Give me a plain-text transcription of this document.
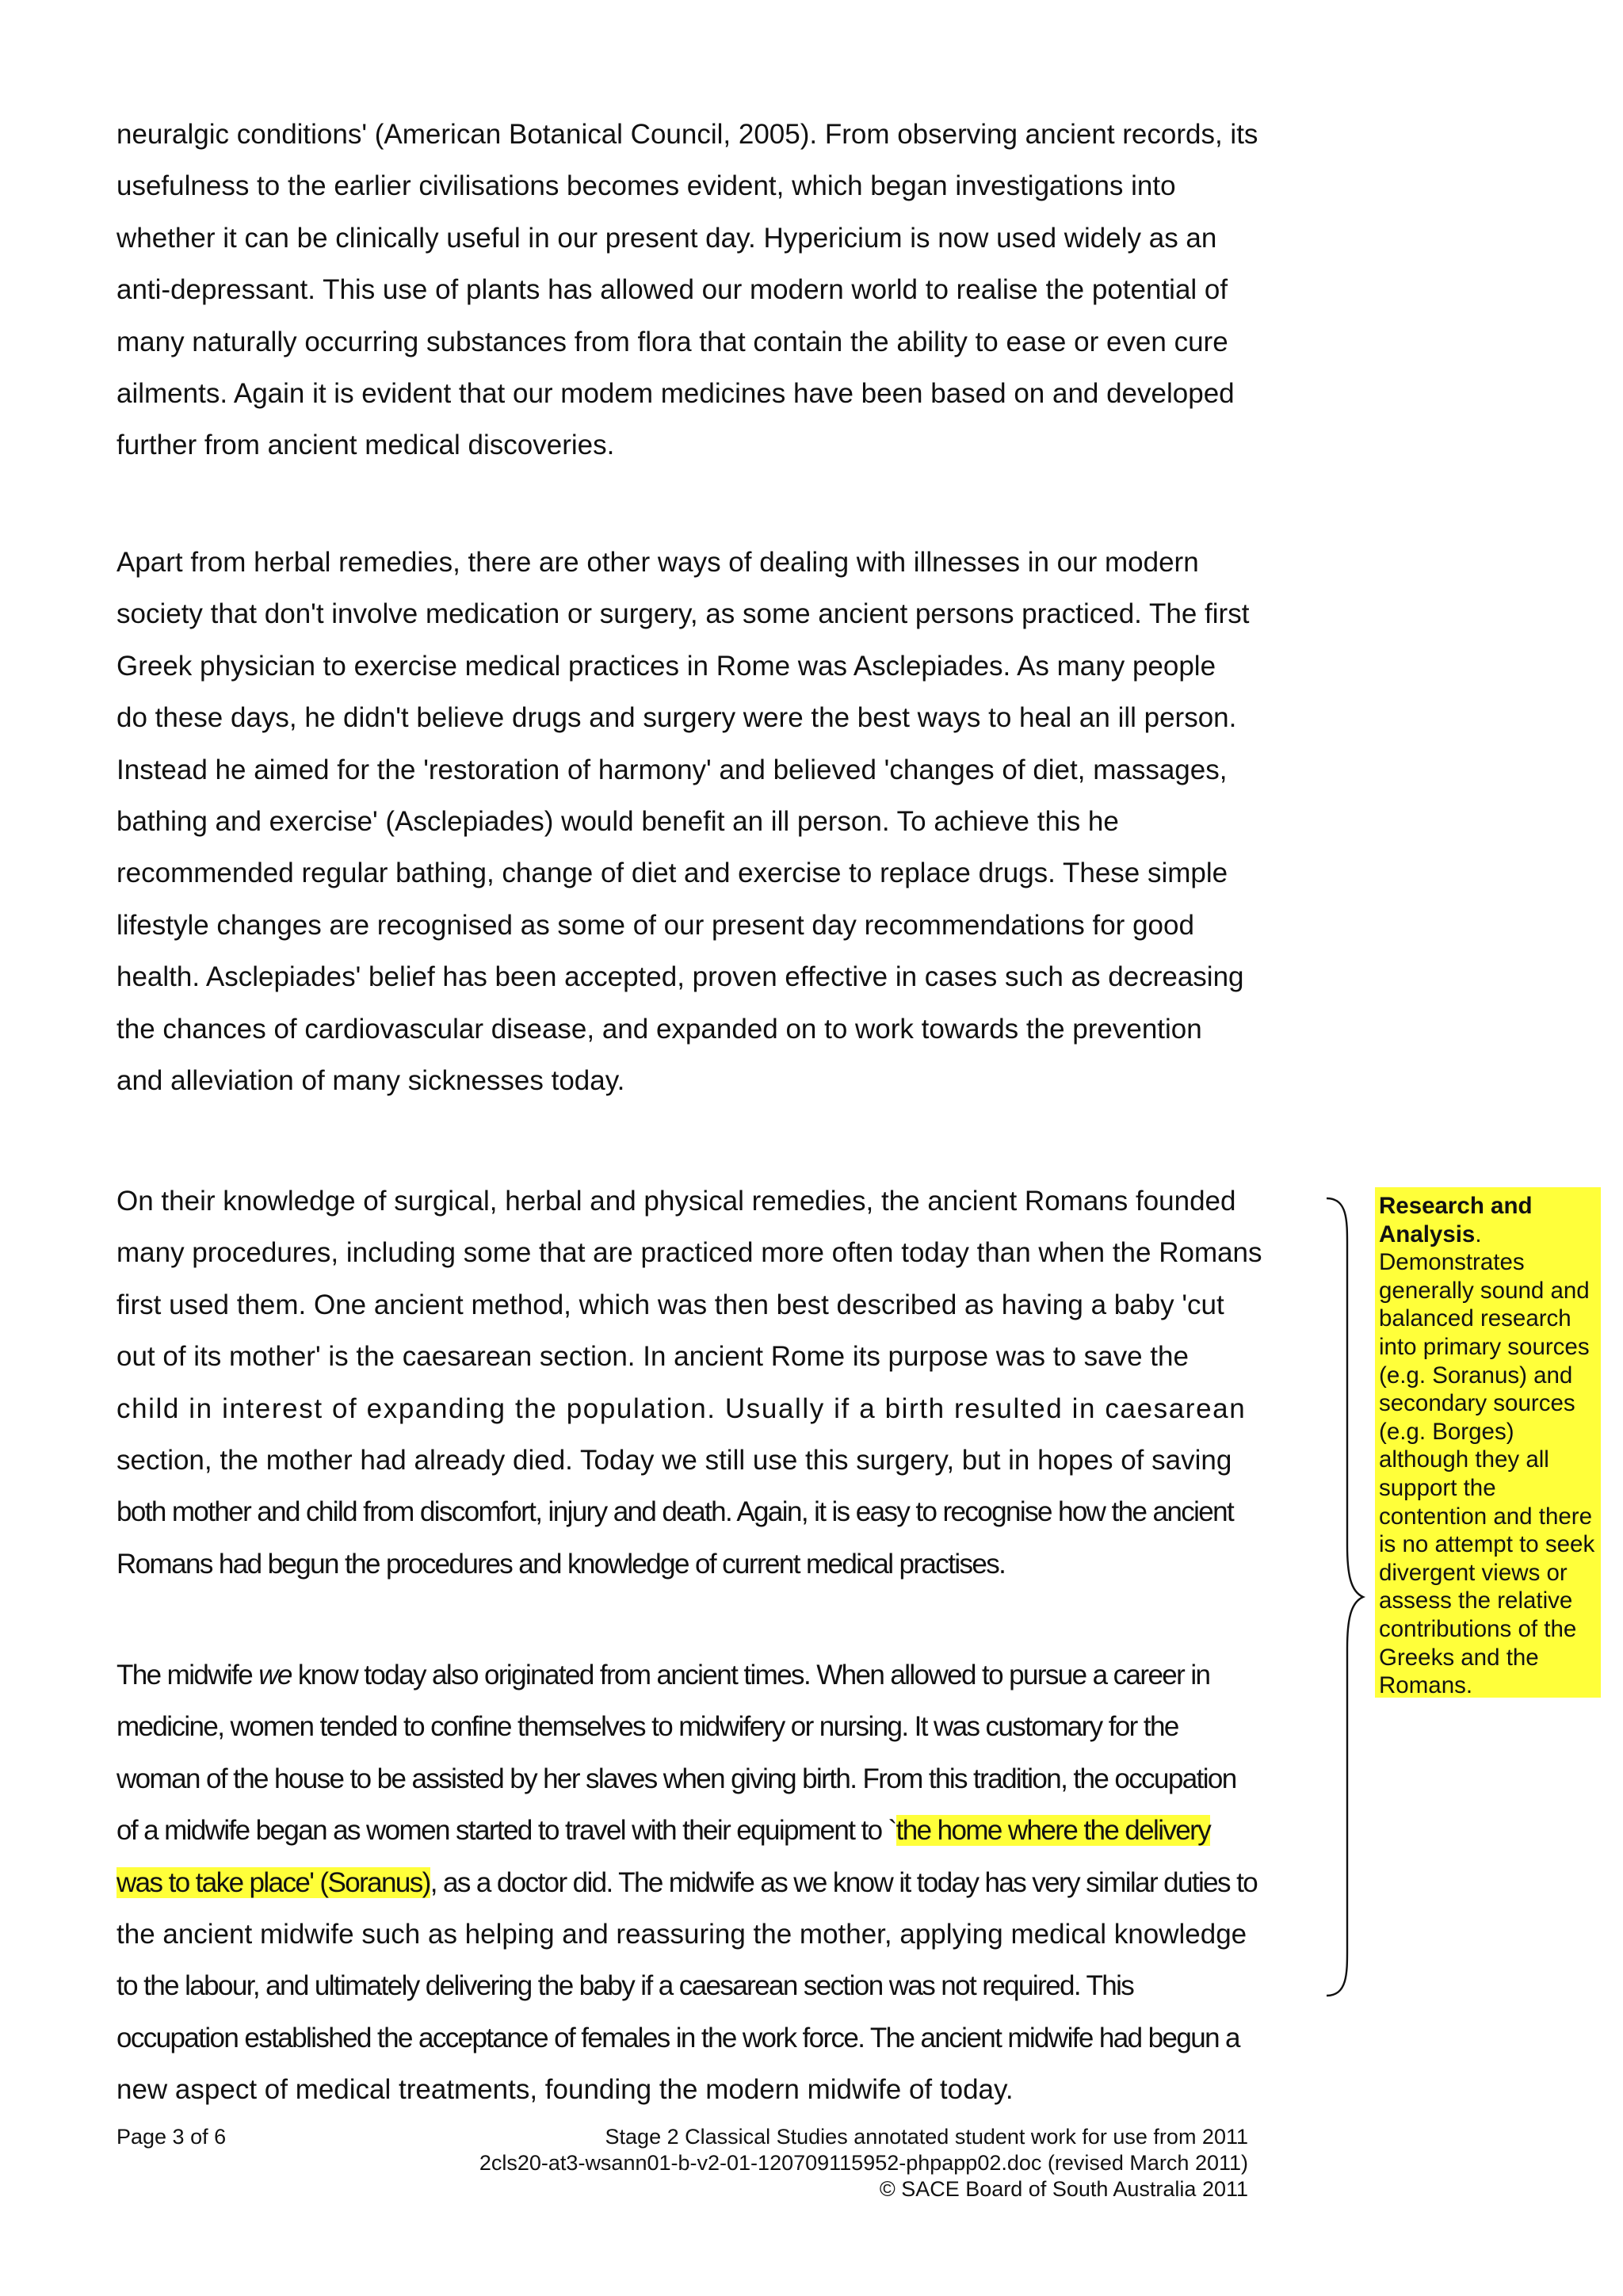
neuralgic conditions' (American Botanical Council, 2005). From observing ancient records, its
usefulness to the earlier civilisations becomes evident, which began investigations into
whether it can be clinically useful in our present day. Hypericium is now used widely as an
anti-depressant. This use of plants has allowed our modern world to realise the potential of
many naturally occurring substances from flora that contain the ability to ease or even cure
ailments. Again it is evident that our modem medicines have been based on and developed
further from ancient medical discoveries.
Apart from herbal remedies, there are other ways of dealing with illnesses in our modern
society that don't involve medication or surgery, as some ancient persons practiced. The first
Greek physician to exercise medical practices in Rome was Asclepiades. As many people
do these days, he didn't believe drugs and surgery were the best ways to heal an ill person.
Instead he aimed for the 'restoration of harmony' and believed 'changes of diet, massages,
bathing and exercise' (Asclepiades) would benefit an ill person. To achieve this he
recommended regular bathing, change of diet and exercise to replace drugs. These simple
lifestyle changes are recognised as some of our present day recommendations for good
health. Asclepiades' belief has been accepted, proven effective in cases such as decreasing
the chances of cardiovascular disease, and expanded on to work towards the prevention
and alleviation of many sicknesses today.
On their knowledge of surgical, herbal and physical remedies, the ancient Romans founded
many procedures, including some that are practiced more often today than when the Romans
first used them. One ancient method, which was then best described as having a baby 'cut
out of its mother' is the caesarean section. In ancient Rome its purpose was to save the
child in interest of expanding the population. Usually if a birth resulted in caesarean
section, the mother had already died. Today we still use this surgery, but in hopes of saving
both mother and child from discomfort, injury and death. Again, it is easy to recognise how the ancient
Romans had begun the procedures and knowledge of current medical practises.
The midwife we know today also originated from ancient times. When allowed to pursue a career in
medicine, women tended to confine themselves to midwifery or nursing. It was customary for the
woman of the house to be assisted by her slaves when giving birth. From this tradition, the occupation
of a midwife began as women started to travel with their equipment to `the home where the delivery
was to take place' (Soranus), as a doctor did. The midwife as we know it today has very similar duties to
the ancient midwife such as helping and reassuring the mother, applying medical knowledge
to the labour, and ultimately delivering the baby if a caesarean section was not required. This
occupation established the acceptance of females in the work force. The ancient midwife had begun a
new aspect of medical treatments, founding the modern midwife of today.
Research and Analysis. Demonstrates generally sound and balanced research into primary sources (e.g. Soranus) and secondary sources (e.g. Borges) although they all support the contention and there is no attempt to seek divergent views or assess the relative contributions of the Greeks and the Romans.

Page 3 of 6	Stage 2 Classical Studies annotated student work for use from 2011
2cls20-at3-wsann01-b-v2-01-120709115952-phpapp02.doc (revised March 2011)
© SACE Board of South Australia 2011
